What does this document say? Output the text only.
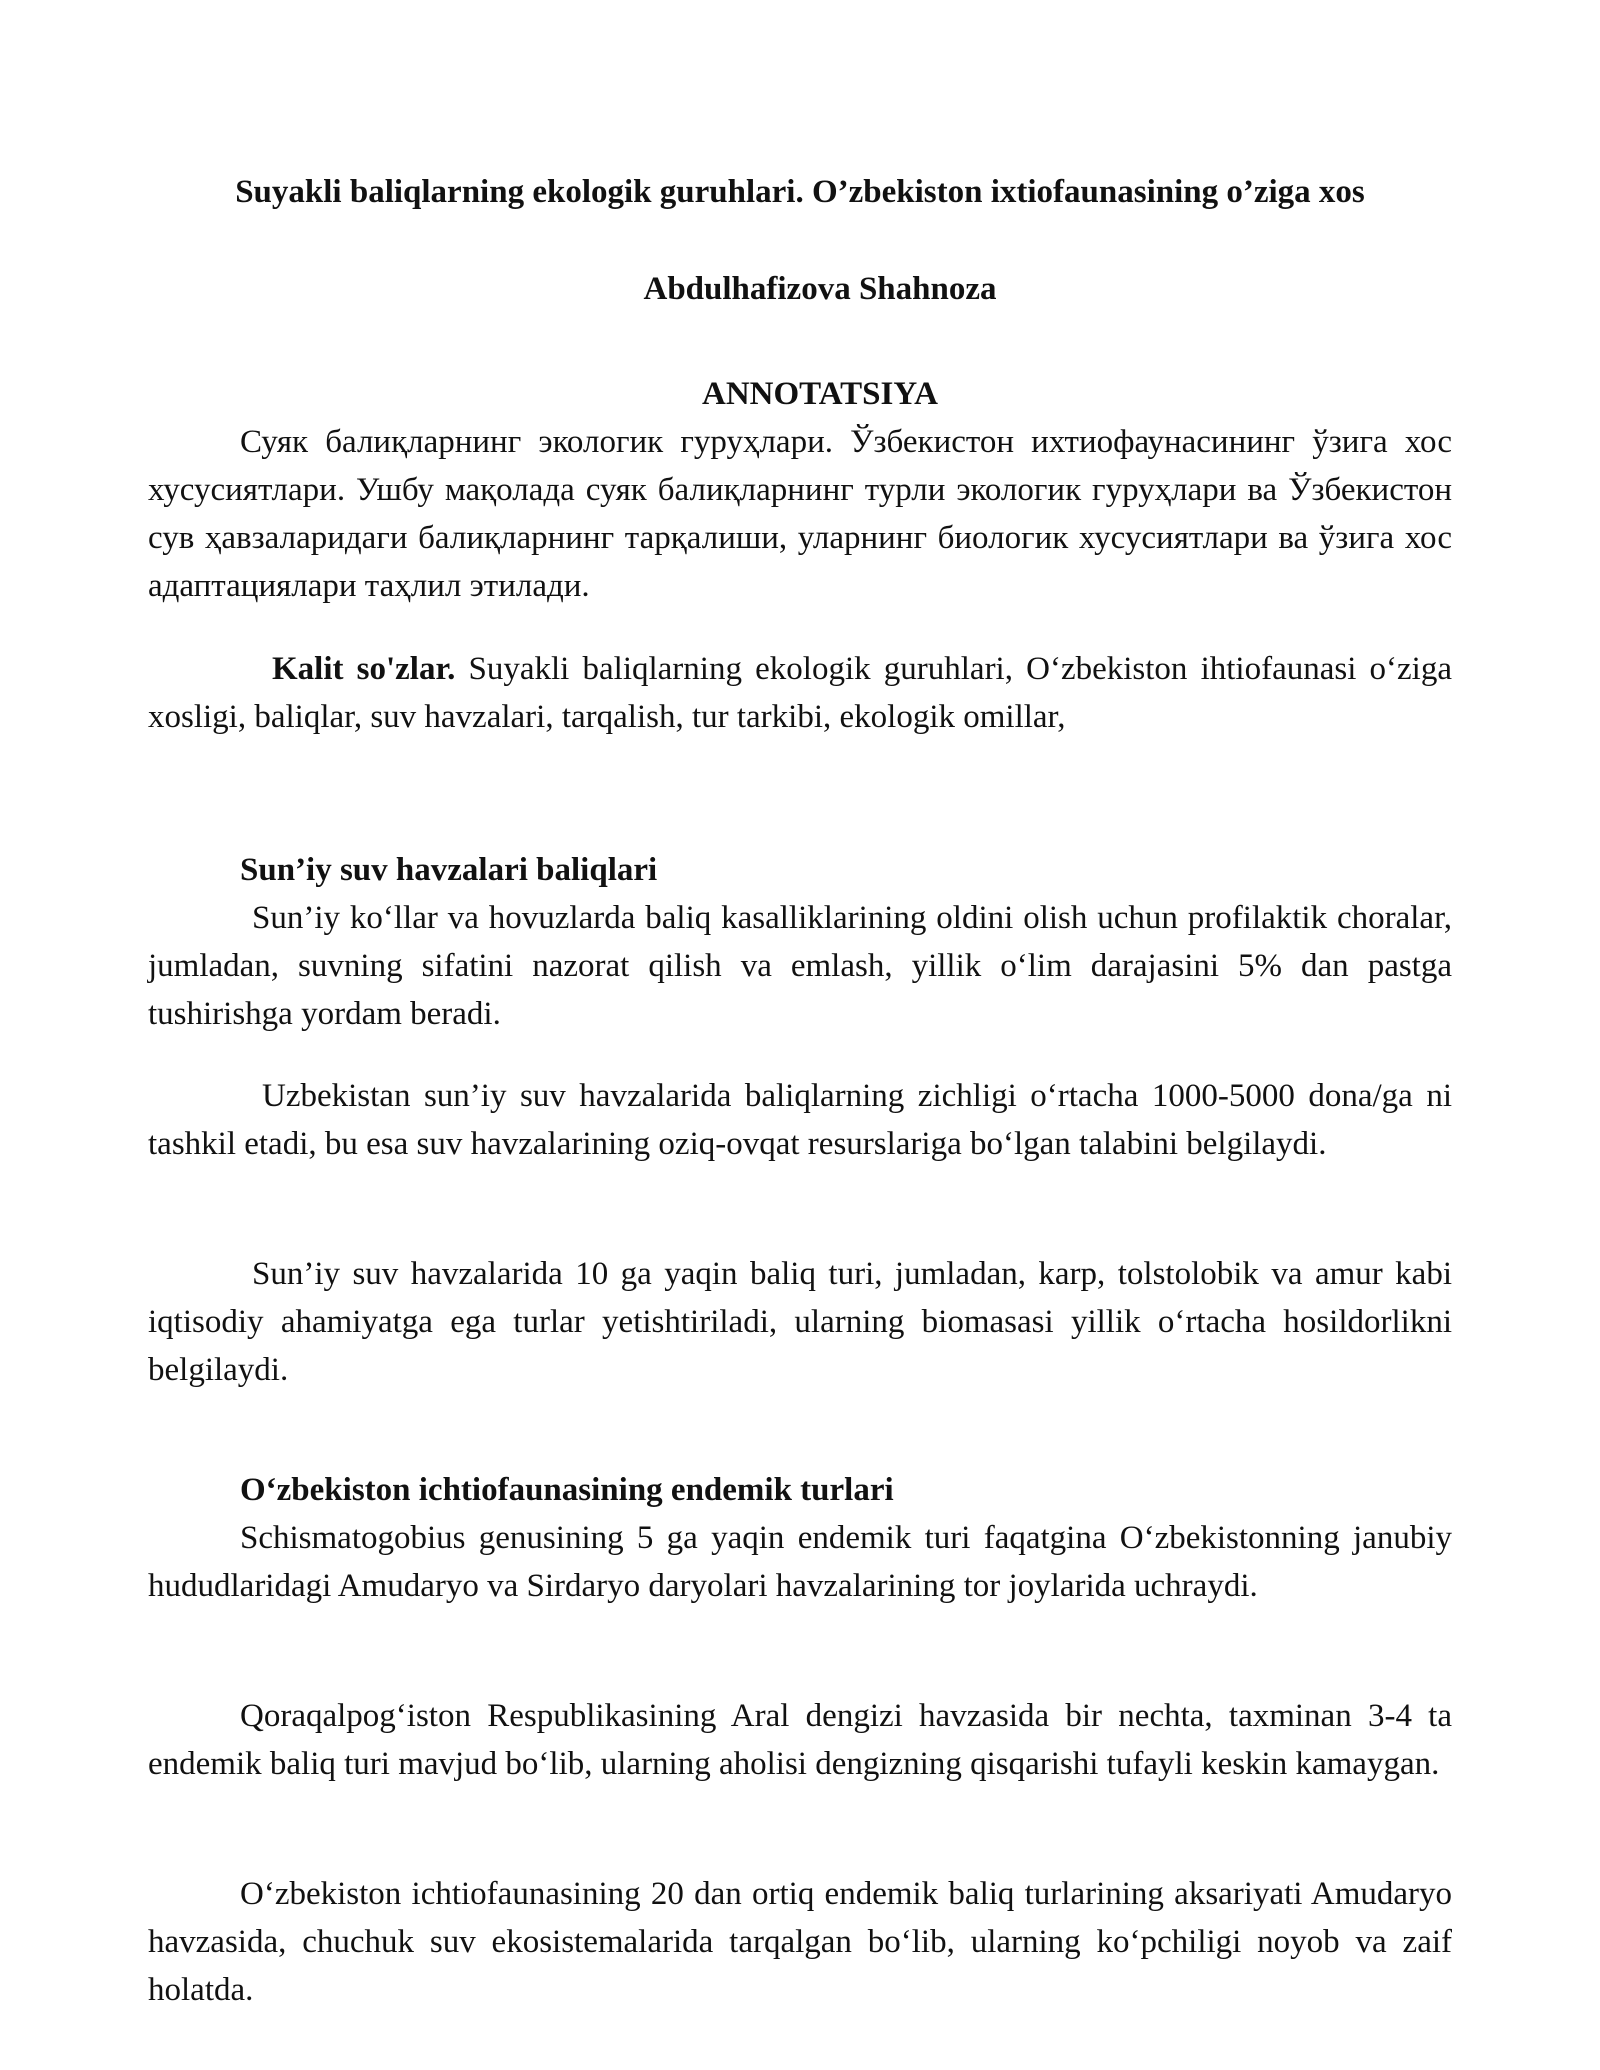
Suyakli baliqlarning ekologik guruhlari. O’zbekiston ixtiofaunasining o’ziga xos
Abdulhafizova Shahnoza
ANNOTATSIYA

Суяк балиқларнинг экологик гуруҳлари. Ўзбекистон ихтиофаунасининг ўзига хос хусусиятлари. Ушбу мақолада суяк балиқларнинг турли экологик гуруҳлари ва Ўзбекистон сув ҳавзаларидаги балиқларнинг тарқалиши, уларнинг биологик хусусиятлари ва ўзига хос адаптациялари таҳлил этилади.

Kalit so'zlar. Suyakli baliqlarning ekologik guruhlari, O‘zbekiston ihtiofaunasi o‘ziga xosligi, baliqlar, suv havzalari, tarqalish, tur tarkibi, ekologik omillar,

Sun’iy suv havzalari baliqlari

Sun’iy ko‘llar va hovuzlarda baliq kasalliklarining oldini olish uchun profilaktik choralar, jumladan, suvning sifatini nazorat qilish va emlash, yillik o‘lim darajasini 5% dan pastga tushirishga yordam beradi.

Uzbekistan sun’iy suv havzalarida baliqlarning zichligi o‘rtacha 1000-5000 dona/ga ni tashkil etadi, bu esa suv havzalarining oziq-ovqat resurslariga bo‘lgan talabini belgilaydi.

Sun’iy suv havzalarida 10 ga yaqin baliq turi, jumladan, karp, tolstolobik va amur kabi iqtisodiy ahamiyatga ega turlar yetishtiriladi, ularning biomasasi yillik o‘rtacha hosildorlikni belgilaydi.

O‘zbekiston ichtiofaunasining endemik turlari

Schismatogobius genusining 5 ga yaqin endemik turi faqatgina O‘zbekistonning janubiy hududlaridagi Amudaryo va Sirdaryo daryolari havzalarining tor joylarida uchraydi.

Qoraqalpog‘iston Respublikasining Aral dengizi havzasida bir nechta, taxminan 3-4 ta endemik baliq turi mavjud bo‘lib, ularning aholisi dengizning qisqarishi tufayli keskin kamaygan.

O‘zbekiston ichtiofaunasining 20 dan ortiq endemik baliq turlarining aksariyati Amudaryo havzasida, chuchuk suv ekosistemalarida tarqalgan bo‘lib, ularning ko‘pchiligi noyob va zaif holatda.
